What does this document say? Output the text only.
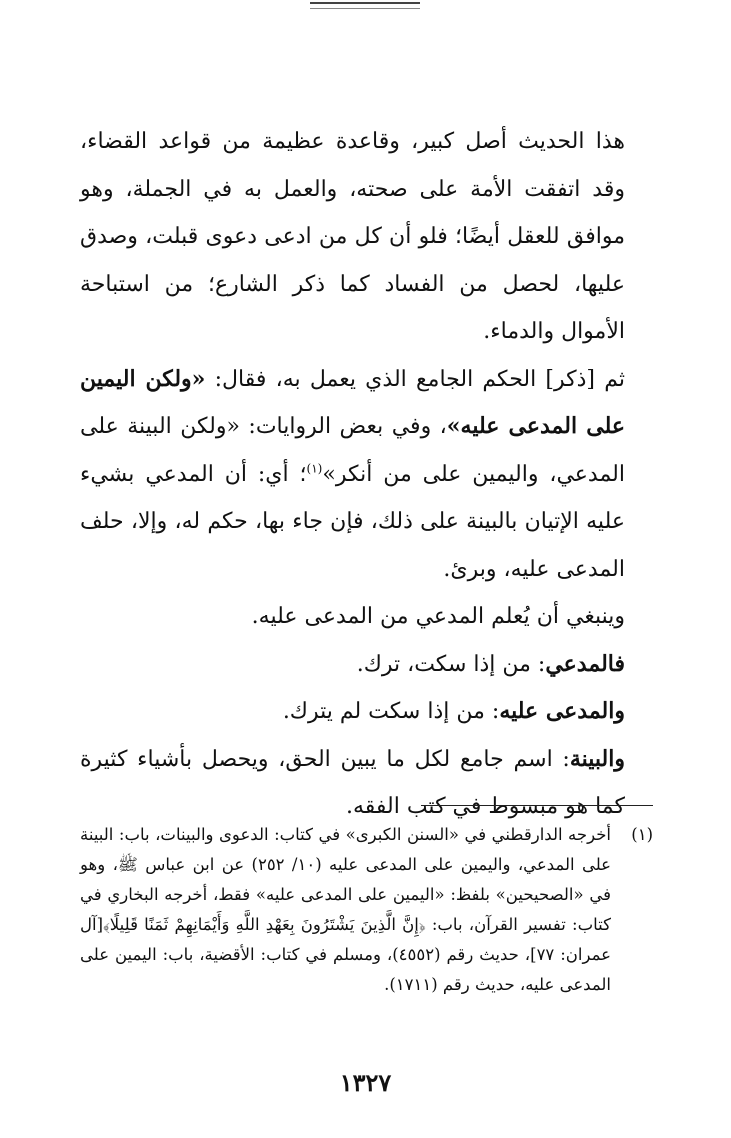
هذا الحديث أصل كبير، وقاعدة عظيمة من قواعد القضاء، وقد اتفقت الأمة على صحته، والعمل به في الجملة، وهو موافق للعقل أيضًا؛ فلو أن كل من ادعى دعوى قبلت، وصدق عليها، لحصل من الفساد كما ذكر الشارع؛ من استباحة الأموال والدماء.

ثم [ذكر] الحكم الجامع الذي يعمل به، فقال: «ولكن اليمين على المدعى عليه»، وفي بعض الروايات: «ولكن البينة على المدعي، واليمين على من أنكر»$^{(١)}$؛ أي: أن المدعي بشيء عليه الإتيان بالبينة على ذلك، فإن جاء بها، حكم له، وإلا، حلف المدعى عليه، وبرئ.

وينبغي أن يُعلم المدعي من المدعى عليه.

فالمدعي: من إذا سكت، ترك.

والمدعى عليه: من إذا سكت لم يترك.

والبينة: اسم جامع لكل ما يبين الحق، ويحصل بأشياء كثيرة كما هو مبسوط في كتب الفقه.

(١)
أخرجه الدارقطني في «السنن الكبرى» في كتاب: الدعوى والبينات، باب: البينة على المدعي، واليمين على المدعى عليه (١٠/ ٢٥٢) عن ابن عباس ﷺ، وهو في «الصحيحين» بلفظ: «اليمين على المدعى عليه» فقط، أخرجه البخاري في كتاب: تفسير القرآن، باب: ﴿إِنَّ الَّذِينَ يَشْتَرُونَ بِعَهْدِ اللَّهِ وَأَيْمَانِهِمْ ثَمَنًا قَلِيلًا﴾[آل عمران: ٧٧]، حديث رقم (٤٥٥٢)، ومسلم في كتاب: الأقضية، باب: اليمين على المدعى عليه، حديث رقم (١٧١١).
١٣٢٧
